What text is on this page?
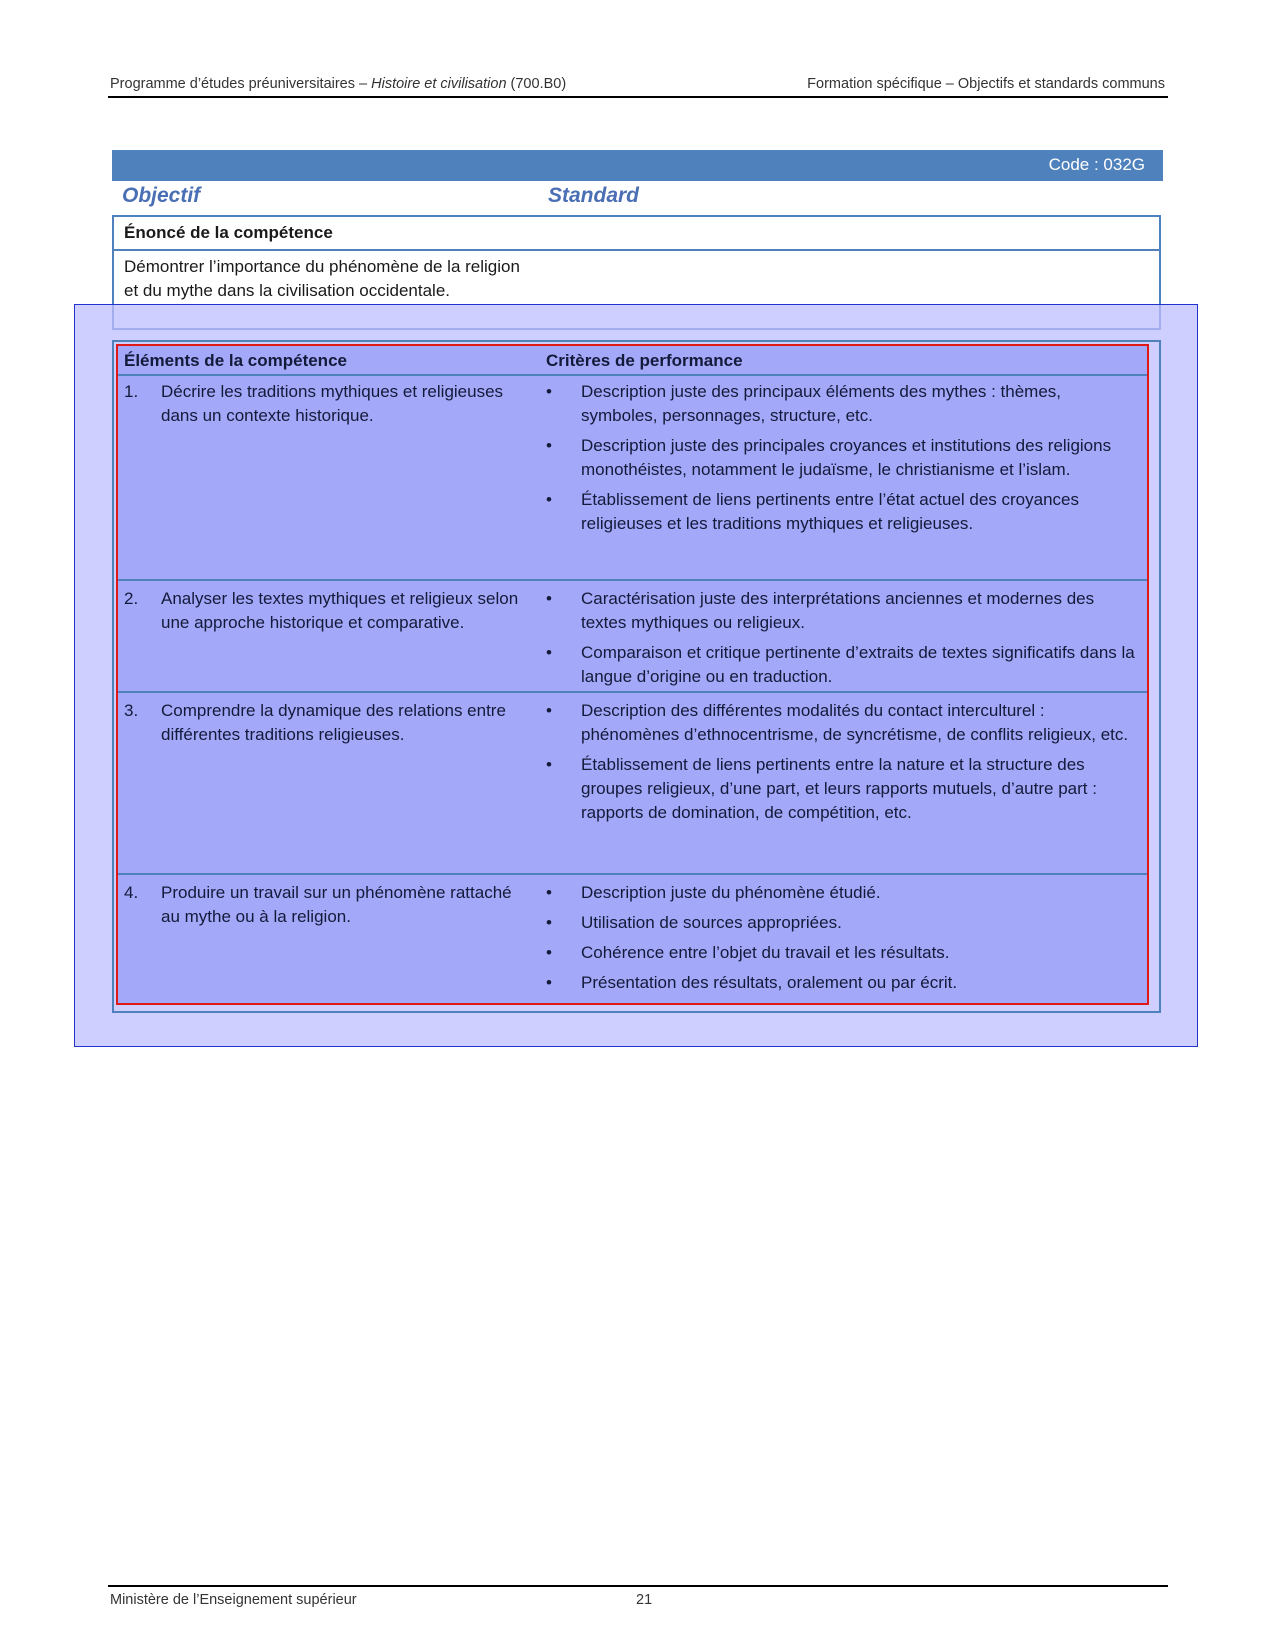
Programme d’études préuniversitaires – Histoire et civilisation (700.B0)	Formation spécifique – Objectifs et standards communs
Code : 032G
Objectif	Standard
Énoncé de la compétence
Démontrer l’importance du phénomène de la religion et du mythe dans la civilisation occidentale.
Éléments de la compétence	Critères de performance
1. Décrire les traditions mythiques et religieuses dans un contexte historique.
• Description juste des principaux éléments des mythes : thèmes, symboles, personnages, structure, etc.
• Description juste des principales croyances et institutions des religions monothéistes, notamment le judaïsme, le christianisme et l’islam.
• Établissement de liens pertinents entre l’état actuel des croyances religieuses et les traditions mythiques et religieuses.
2. Analyser les textes mythiques et religieux selon une approche historique et comparative.
• Caractérisation juste des interprétations anciennes et modernes des textes mythiques ou religieux.
• Comparaison et critique pertinente d’extraits de textes significatifs dans la langue d’origine ou en traduction.
3. Comprendre la dynamique des relations entre différentes traditions religieuses.
• Description des différentes modalités du contact interculturel : phénomènes d’ethnocentrisme, de syncrétisme, de conflits religieux, etc.
• Établissement de liens pertinents entre la nature et la structure des groupes religieux, d’une part, et leurs rapports mutuels, d’autre part : rapports de domination, de compétition, etc.
4. Produire un travail sur un phénomène rattaché au mythe ou à la religion.
• Description juste du phénomène étudié.
• Utilisation de sources appropriées.
• Cohérence entre l’objet du travail et les résultats.
• Présentation des résultats, oralement ou par écrit.
Ministère de l’Enseignement supérieur	21
